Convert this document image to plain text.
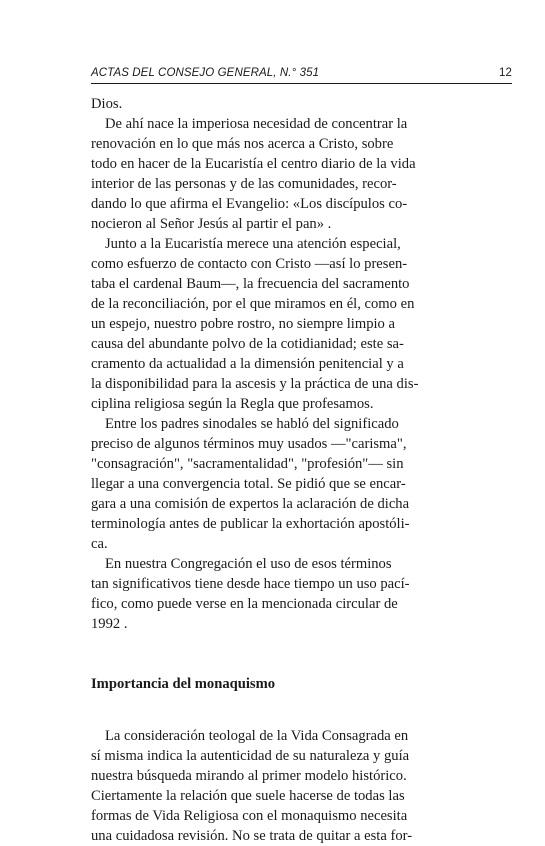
ACTAS DEL CONSEJO GENERAL, N.° 351	12
Dios.
De ahí nace la imperiosa necesidad de concentrar la
renovación en lo que más nos acerca a Cristo, sobre
todo en hacer de la Eucaristía el centro diario de la vida
interior de las personas y de las comunidades, recor-
dando lo que afirma el Evangelio: «Los discípulos co-
nocieron al Señor Jesús al partir el pan» .
Junto a la Eucaristía merece una atención especial,
como esfuerzo de contacto con Cristo —así lo presen-
taba el cardenal Baum—, la frecuencia del sacramento
de la reconciliación, por el que miramos en él, como en
un espejo, nuestro pobre rostro, no siempre limpio a
causa del abundante polvo de la cotidianidad; este sa-
cramento da actualidad a la dimensión penitencial y a
la disponibilidad para la ascesis y la práctica de una dis-
ciplina religiosa según la Regla que profesamos.
Entre los padres sinodales se habló del significado
preciso de algunos términos muy usados —"carisma",
"consagración", "sacramentalidad", "profesión"— sin
llegar a una convergencia total. Se pidió que se encar-
gara a una comisión de expertos la aclaración de dicha
terminología antes de publicar la exhortación apostóli-
ca.
En nuestra Congregación el uso de esos términos
tan significativos tiene desde hace tiempo un uso pací-
fico, como puede verse en la mencionada circular de
1992 .
Importancia del monaquismo
La consideración teologal de la Vida Consagrada en
sí misma indica la autenticidad de su naturaleza y guía
nuestra búsqueda mirando al primer modelo histórico.
Ciertamente la relación que suele hacerse de todas las
formas de Vida Religiosa con el monaquismo necesita
una cuidadosa revisión. No se trata de quitar a esta for-
